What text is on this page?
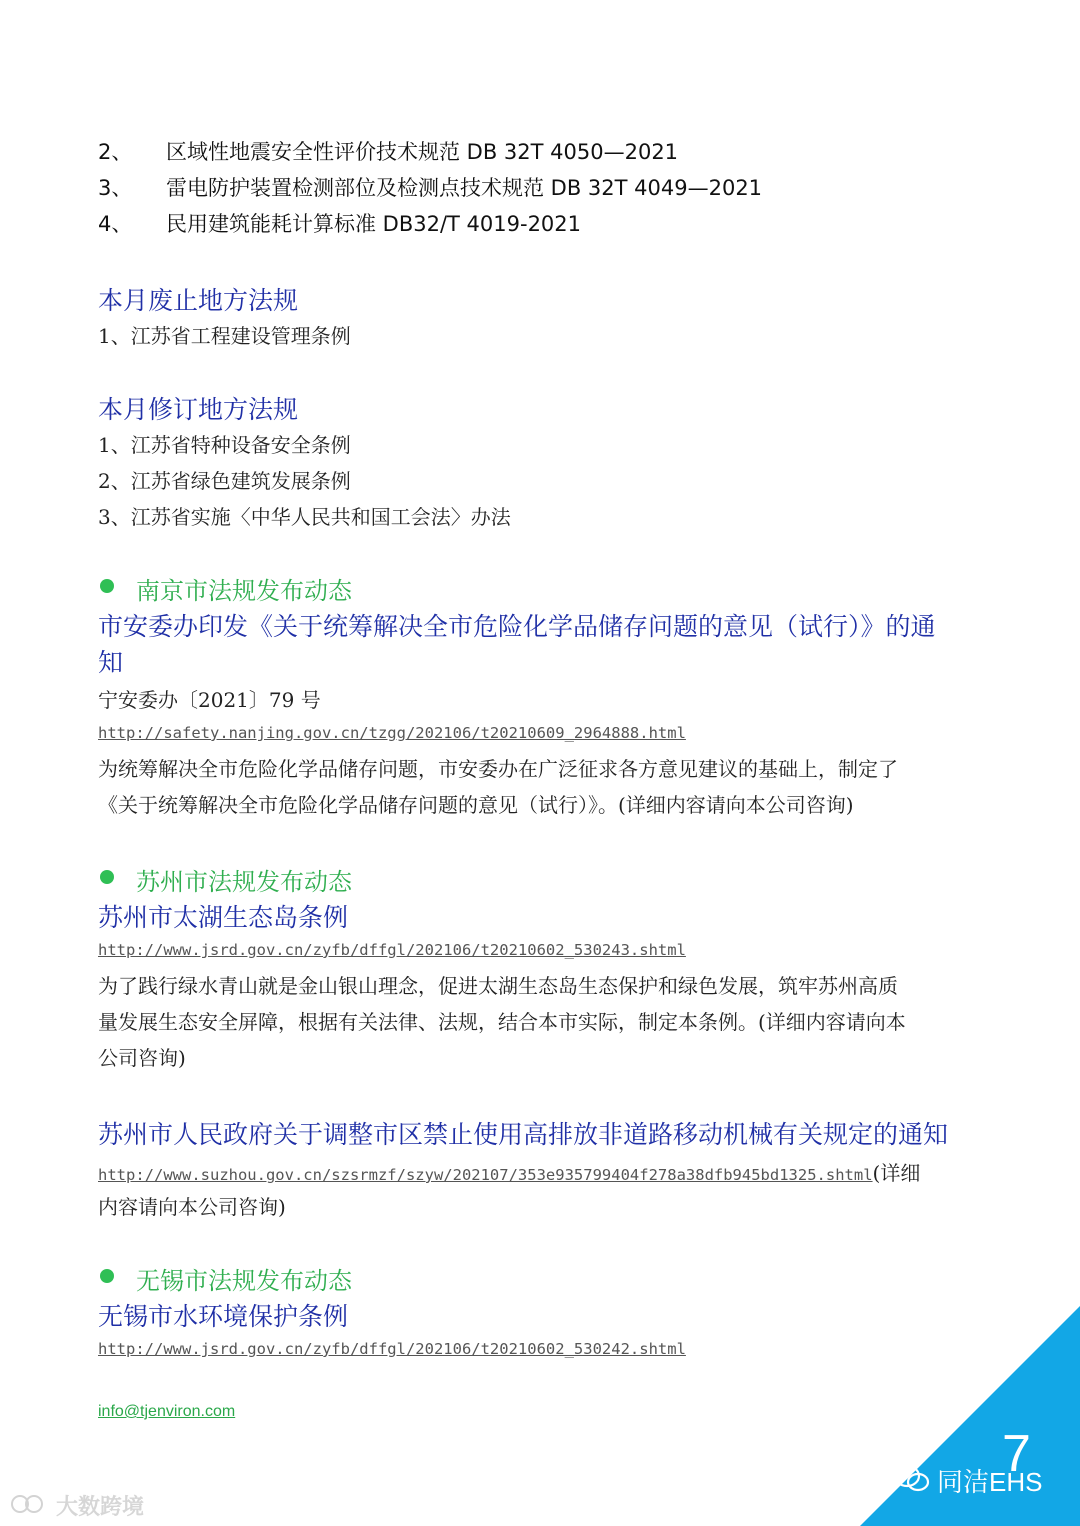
2、 区域性地震安全性评价技术规范 DB 32T 4050—2021
3、 雷电防护装置检测部位及检测点技术规范 DB 32T 4049—2021
4、 民用建筑能耗计算标准 DB32/T 4019-2021
本月废止地方法规
1、江苏省工程建设管理条例
本月修订地方法规
1、江苏省特种设备安全条例
2、江苏省绿色建筑发展条例
3、江苏省实施〈中华人民共和国工会法〉办法
南京市法规发布动态
市安委办印发《关于统筹解决全市危险化学品储存问题的意见（试行）》的通
知
宁安委办〔2021〕79 号
http://safety.nanjing.gov.cn/tzgg/202106/t20210609_2964888.html
为统筹解决全市危险化学品储存问题，市安委办在广泛征求各方意见建议的基础上，制定了
《关于统筹解决全市危险化学品储存问题的意见（试行）》。(详细内容请向本公司咨询)
苏州市法规发布动态
苏州市太湖生态岛条例
http://www.jsrd.gov.cn/zyfb/dffgl/202106/t20210602_530243.shtml
为了践行绿水青山就是金山银山理念，促进太湖生态岛生态保护和绿色发展，筑牢苏州高质
量发展生态安全屏障，根据有关法律、法规，结合本市实际，制定本条例。(详细内容请向本
公司咨询)
苏州市人民政府关于调整市区禁止使用高排放非道路移动机械有关规定的通知
http://www.suzhou.gov.cn/szsrmzf/szyw/202107/353e935799404f278a38dfb945bd1325.shtml(详细
内容请向本公司咨询)
无锡市法规发布动态
无锡市水环境保护条例
http://www.jsrd.gov.cn/zyfb/dffgl/202106/t20210602_530242.shtml
info@tjenviron.com
7
同洁EHS
大数跨境
